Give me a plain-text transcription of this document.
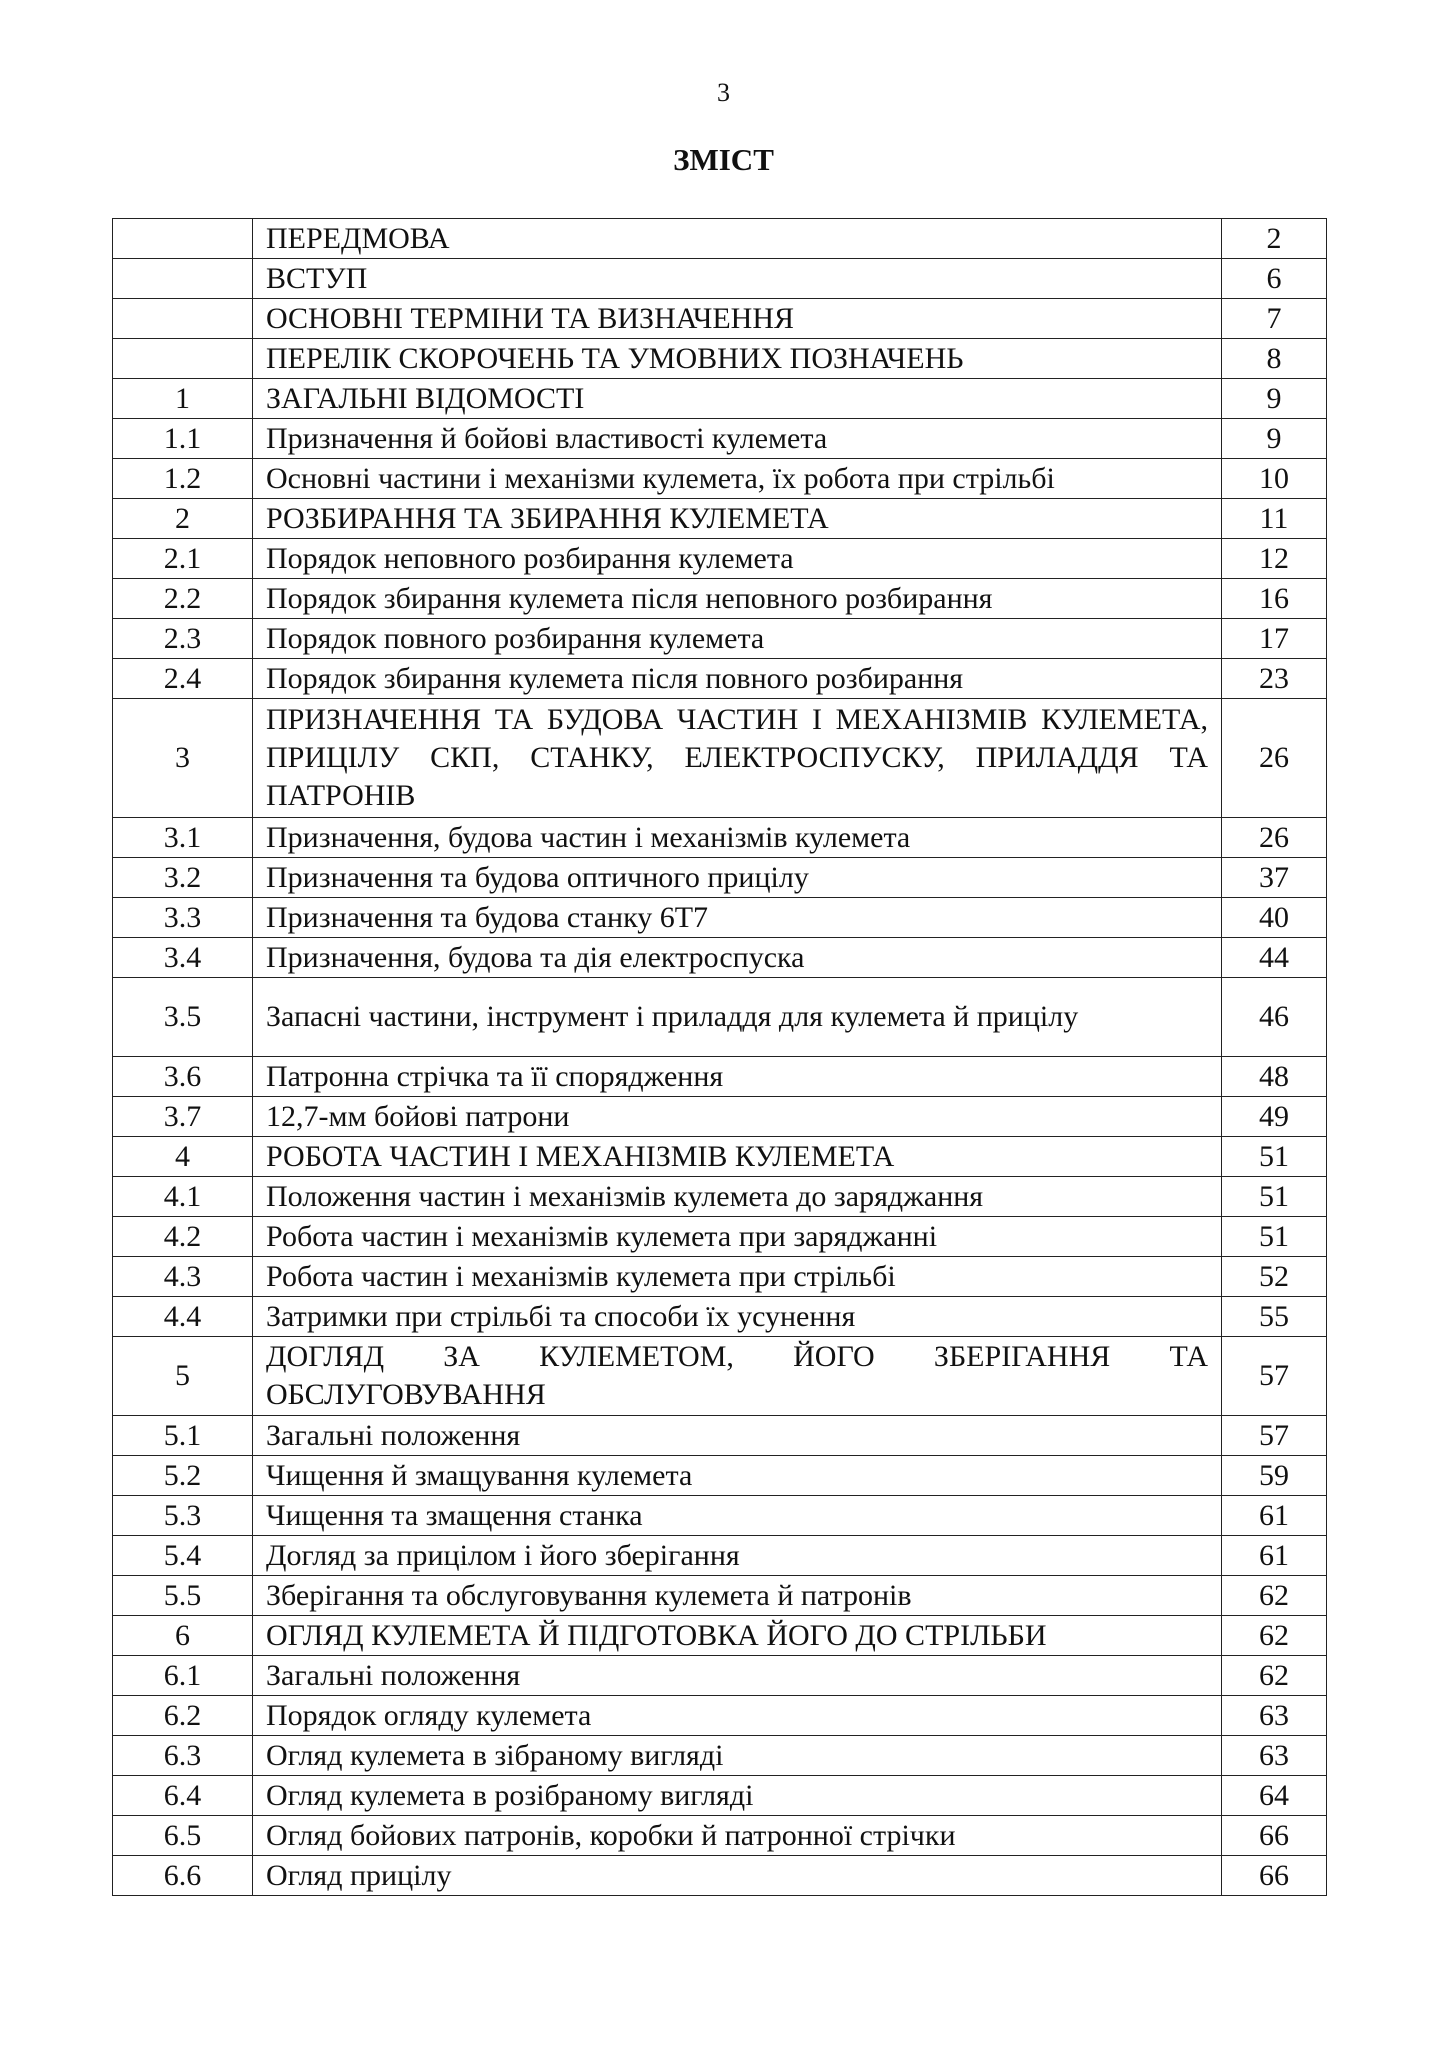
3
ЗМІСТ
	ПЕРЕДМОВА	2
	ВСТУП	6
	ОСНОВНІ ТЕРМІНИ ТА ВИЗНАЧЕННЯ	7
	ПЕРЕЛІК СКОРОЧЕНЬ ТА УМОВНИХ ПОЗНАЧЕНЬ	8
1	ЗАГАЛЬНІ ВІДОМОСТІ	9
1.1	Призначення й бойові властивості кулемета	9
1.2	Основні частини і механізми кулемета, їх робота при стрільбі	10
2	РОЗБИРАННЯ ТА ЗБИРАННЯ КУЛЕМЕТА	11
2.1	Порядок неповного розбирання кулемета	12
2.2	Порядок збирання кулемета після неповного розбирання	16
2.3	Порядок повного розбирання кулемета	17
2.4	Порядок збирання кулемета після повного розбирання	23
3	ПРИЗНАЧЕННЯ ТА БУДОВА ЧАСТИН І МЕХАНІЗМІВ КУЛЕМЕТА, ПРИЦІЛУ СКП, СТАНКУ, ЕЛЕКТРОСПУСКУ, ПРИЛАДДЯ ТА ПАТРОНІВ	26
3.1	Призначення, будова частин і механізмів кулемета	26
3.2	Призначення та будова оптичного прицілу	37
3.3	Призначення та будова станку 6Т7	40
3.4	Призначення, будова та дія електроспуска	44
3.5	Запасні частини, інструмент і приладдя для кулемета й прицілу	46
3.6	Патронна стрічка та її спорядження	48
3.7	12,7-мм бойові патрони	49
4	РОБОТА ЧАСТИН І МЕХАНІЗМІВ КУЛЕМЕТА	51
4.1	Положення частин і механізмів кулемета до заряджання	51
4.2	Робота частин і механізмів кулемета при заряджанні	51
4.3	Робота частин і механізмів кулемета при стрільбі	52
4.4	Затримки при стрільбі та способи їх усунення	55
5	ДОГЛЯД ЗА КУЛЕМЕТОМ, ЙОГО ЗБЕРІГАННЯ ТА ОБСЛУГОВУВАННЯ	57
5.1	Загальні положення	57
5.2	Чищення й змащування кулемета	59
5.3	Чищення та змащення станка	61
5.4	Догляд за прицілом і його зберігання	61
5.5	Зберігання та обслуговування кулемета й патронів	62
6	ОГЛЯД КУЛЕМЕТА Й ПІДГОТОВКА ЙОГО ДО СТРІЛЬБИ	62
6.1	Загальні положення	62
6.2	Порядок огляду кулемета	63
6.3	Огляд кулемета в зібраному вигляді	63
6.4	Огляд кулемета в розібраному вигляді	64
6.5	Огляд бойових патронів, коробки й патронної стрічки	66
6.6	Огляд прицілу	66
